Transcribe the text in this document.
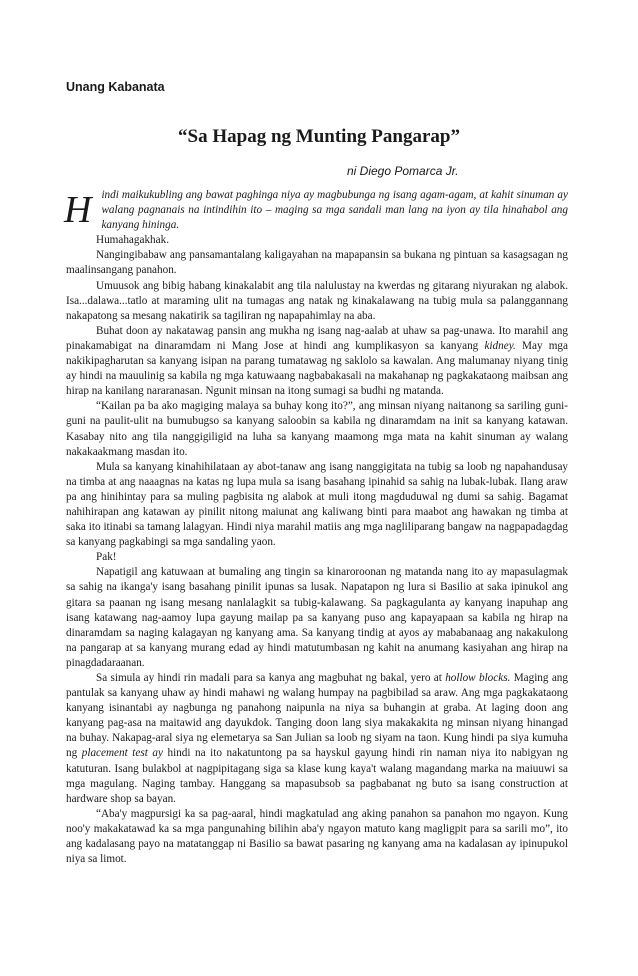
Unang Kabanata
“Sa Hapag ng Munting Pangarap”
ni Diego Pomarca Jr.
H indi maikukubling ang bawat paghinga niya ay magbubunga ng isang agam-agam, at kahit sinuman ay walang pagnanais na intindihin ito – maging sa mga sandali man lang na iyon ay tila hinahabol ang kanyang hininga.

Humahagakhak.

Nangingibabaw ang pansamantalang kaligayahan na mapapansin sa bukana ng pintuan sa kasagsagan ng maalinsangang panahon.

Umuusok ang bibig habang kinakalabit ang tila nalulustay na kwerdas ng gitarang niyurakan ng alabok. Isa...dalawa...tatlo at maraming ulit na tumagas ang natak ng kinakalawang na tubig mula sa palanggannang nakapatong sa mesang nakatirik sa tagiliran ng napapahimlay na aba.

Buhat doon ay nakatawag pansin ang mukha ng isang nag-aalab at uhaw sa pag-unawa. Ito marahil ang pinakamabigat na dinaramdam ni Mang Jose at hindi ang kumplikasyon sa kanyang kidney. May mga nakikipagharutan sa kanyang isipan na parang tumatawag ng saklolo sa kawalan. Ang malumanay niyang tinig ay hindi na mauulinig sa kabila ng mga katuwaang nagbabakasali na makahanap ng pagkakataong maibsan ang hirap na kanilang nararanasan. Ngunit minsan na itong sumagi sa budhi ng matanda.

“Kailan pa ba ako magiging malaya sa buhay kong ito?”, ang minsan niyang naitanong sa sariling guni-guni na paulit-ulit na bumubugso sa kanyang saloobin sa kabila ng dinaramdam na init sa kanyang katawan. Kasabay nito ang tila nanggigiligid na luha sa kanyang maamong mga mata na kahit sinuman ay walang nakakaakmang masdan ito.

Mula sa kanyang kinahihilataan ay abot-tanaw ang isang nanggigitata na tubig sa loob ng napahandusay na timba at ang naaagnas na katas ng lupa mula sa isang basahang ipinahid sa sahig na lubak-lubak. Ilang araw pa ang hinihintay para sa muling pagbisita ng alabok at muli itong magduduwal ng dumi sa sahig. Bagamat nahihirapan ang katawan ay pinilit nitong maiunat ang kaliwang binti para maabot ang hawakan ng timba at saka ito itinabi sa tamang lalagyan. Hindi niya marahil matiis ang mga nagliliparang bangaw na nagpapadagdag sa kanyang pagkabingi sa mga sandaling yaon.

Pak!

Napatigil ang katuwaan at bumaling ang tingin sa kinaroroonan ng matanda nang ito ay mapasulagmak sa sahig na ikanga'y isang basahang pinilit ipunas sa lusak. Napatapon ng lura si Basilio at saka ipinukol ang gitara sa paanan ng isang mesang nanlalagkit sa tubig-kalawang. Sa pagkagulanta ay kanyang inapuhap ang isang katawang nag-aamoy lupa gayung mailap pa sa kanyang puso ang kapayapaan sa kabila ng hirap na dinaramdam sa naging kalagayan ng kanyang ama. Sa kanyang tindig at ayos ay mababanaag ang nakakulong na pangarap at sa kanyang murang edad ay hindi matutumbasan ng kahit na anumang kasiyahan ang hirap na pinagdadaraanan.

Sa simula ay hindi rin madali para sa kanya ang magbuhat ng bakal, yero at hollow blocks. Maging ang pantulak sa kanyang uhaw ay hindi mahawi ng walang humpay na pagbibilad sa araw. Ang mga pagkakataong kanyang isinantabi ay nagbunga ng panahong naipunla na niya sa buhangin at graba. At laging doon ang kanyang pag-asa na maitawid ang dayukdok. Tanging doon lang siya makakakita ng minsan niyang hinangad na buhay. Nakapag-aral siya ng elemetarya sa San Julian sa loob ng siyam na taon. Kung hindi pa siya kumuha ng placement test ay hindi na ito nakatuntong pa sa hayskul gayung hindi rin naman niya ito nabigyan ng katuturan. Isang bulakbol at nagpipitagang siga sa klase kung kaya't walang magandang marka na maiuuwi sa mga magulang. Naging tambay. Hanggang sa mapasubsob sa pagbabanat ng buto sa isang construction at hardware shop sa bayan.

“Aba'y magpursigi ka sa pag-aaral, hindi magkatulad ang aking panahon sa panahon mo ngayon. Kung noo'y makakatawad ka sa mga pangunahing bilihin aba'y ngayon matuto kang magligpit para sa sarili mo”, ito ang kadalasang payo na matatanggap ni Basilio sa bawat pasaring ng kanyang ama na kadalasan ay ipinupukol niya sa limot.
